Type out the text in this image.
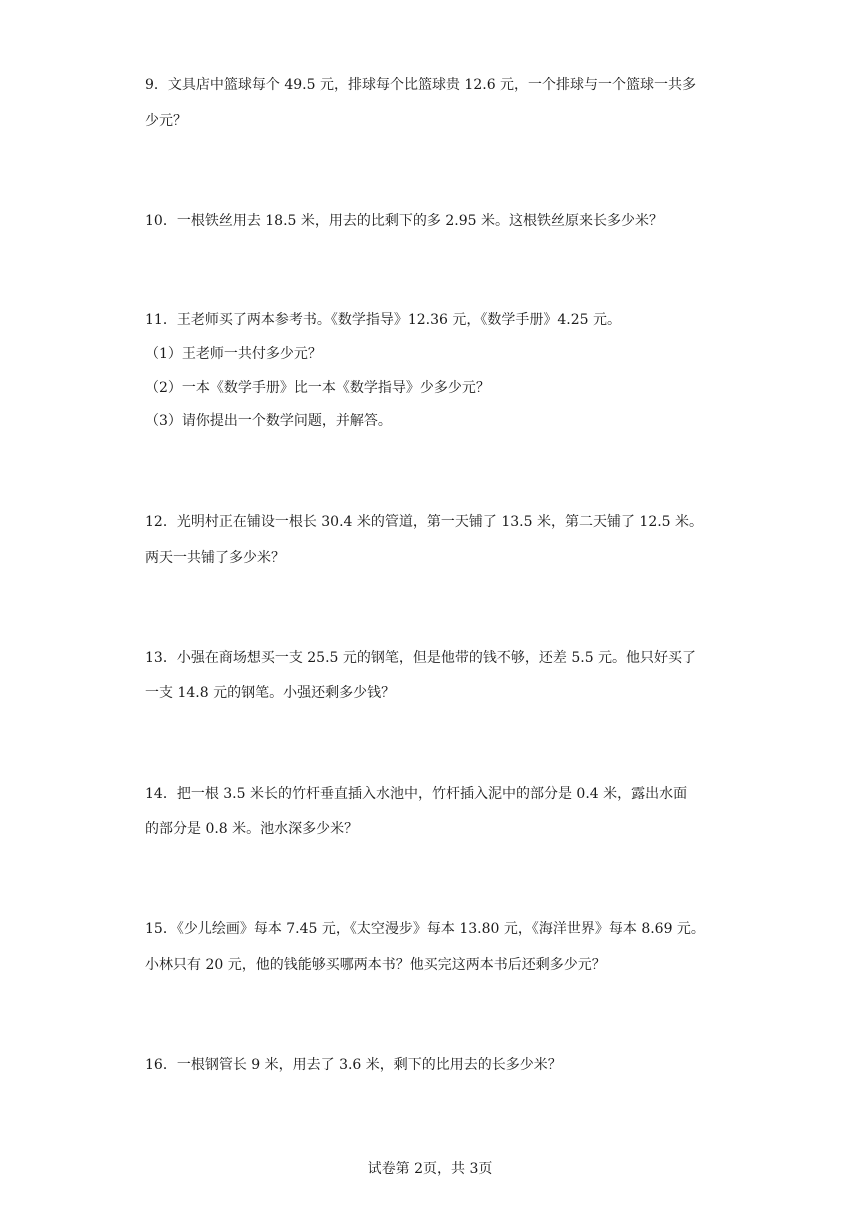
9．文具店中篮球每个 49.5 元，排球每个比篮球贵 12.6 元，一个排球与一个篮球一共多
少元？
10．一根铁丝用去 18.5 米，用去的比剩下的多 2.95 米。这根铁丝原来长多少米？
11．王老师买了两本参考书。《数学指导》12.36 元，《数学手册》4.25 元。
（1）王老师一共付多少元？
（2）一本《数学手册》比一本《数学指导》少多少元？
（3）请你提出一个数学问题，并解答。
12．光明村正在铺设一根长 30.4 米的管道，第一天铺了 13.5 米，第二天铺了 12.5 米。
两天一共铺了多少米？
13．小强在商场想买一支 25.5 元的钢笔，但是他带的钱不够，还差 5.5 元。他只好买了
一支 14.8 元的钢笔。小强还剩多少钱？
14．把一根 3.5 米长的竹杆垂直插入水池中，竹杆插入泥中的部分是 0.4 米，露出水面
的部分是 0.8 米。池水深多少米？
15．《少儿绘画》每本 7.45 元，《太空漫步》每本 13.80 元，《海洋世界》每本 8.69 元。
小林只有 20 元，他的钱能够买哪两本书？他买完这两本书后还剩多少元？
16．一根钢管长 9 米，用去了 3.6 米，剩下的比用去的长多少米？
试卷第 2页，共 3页
